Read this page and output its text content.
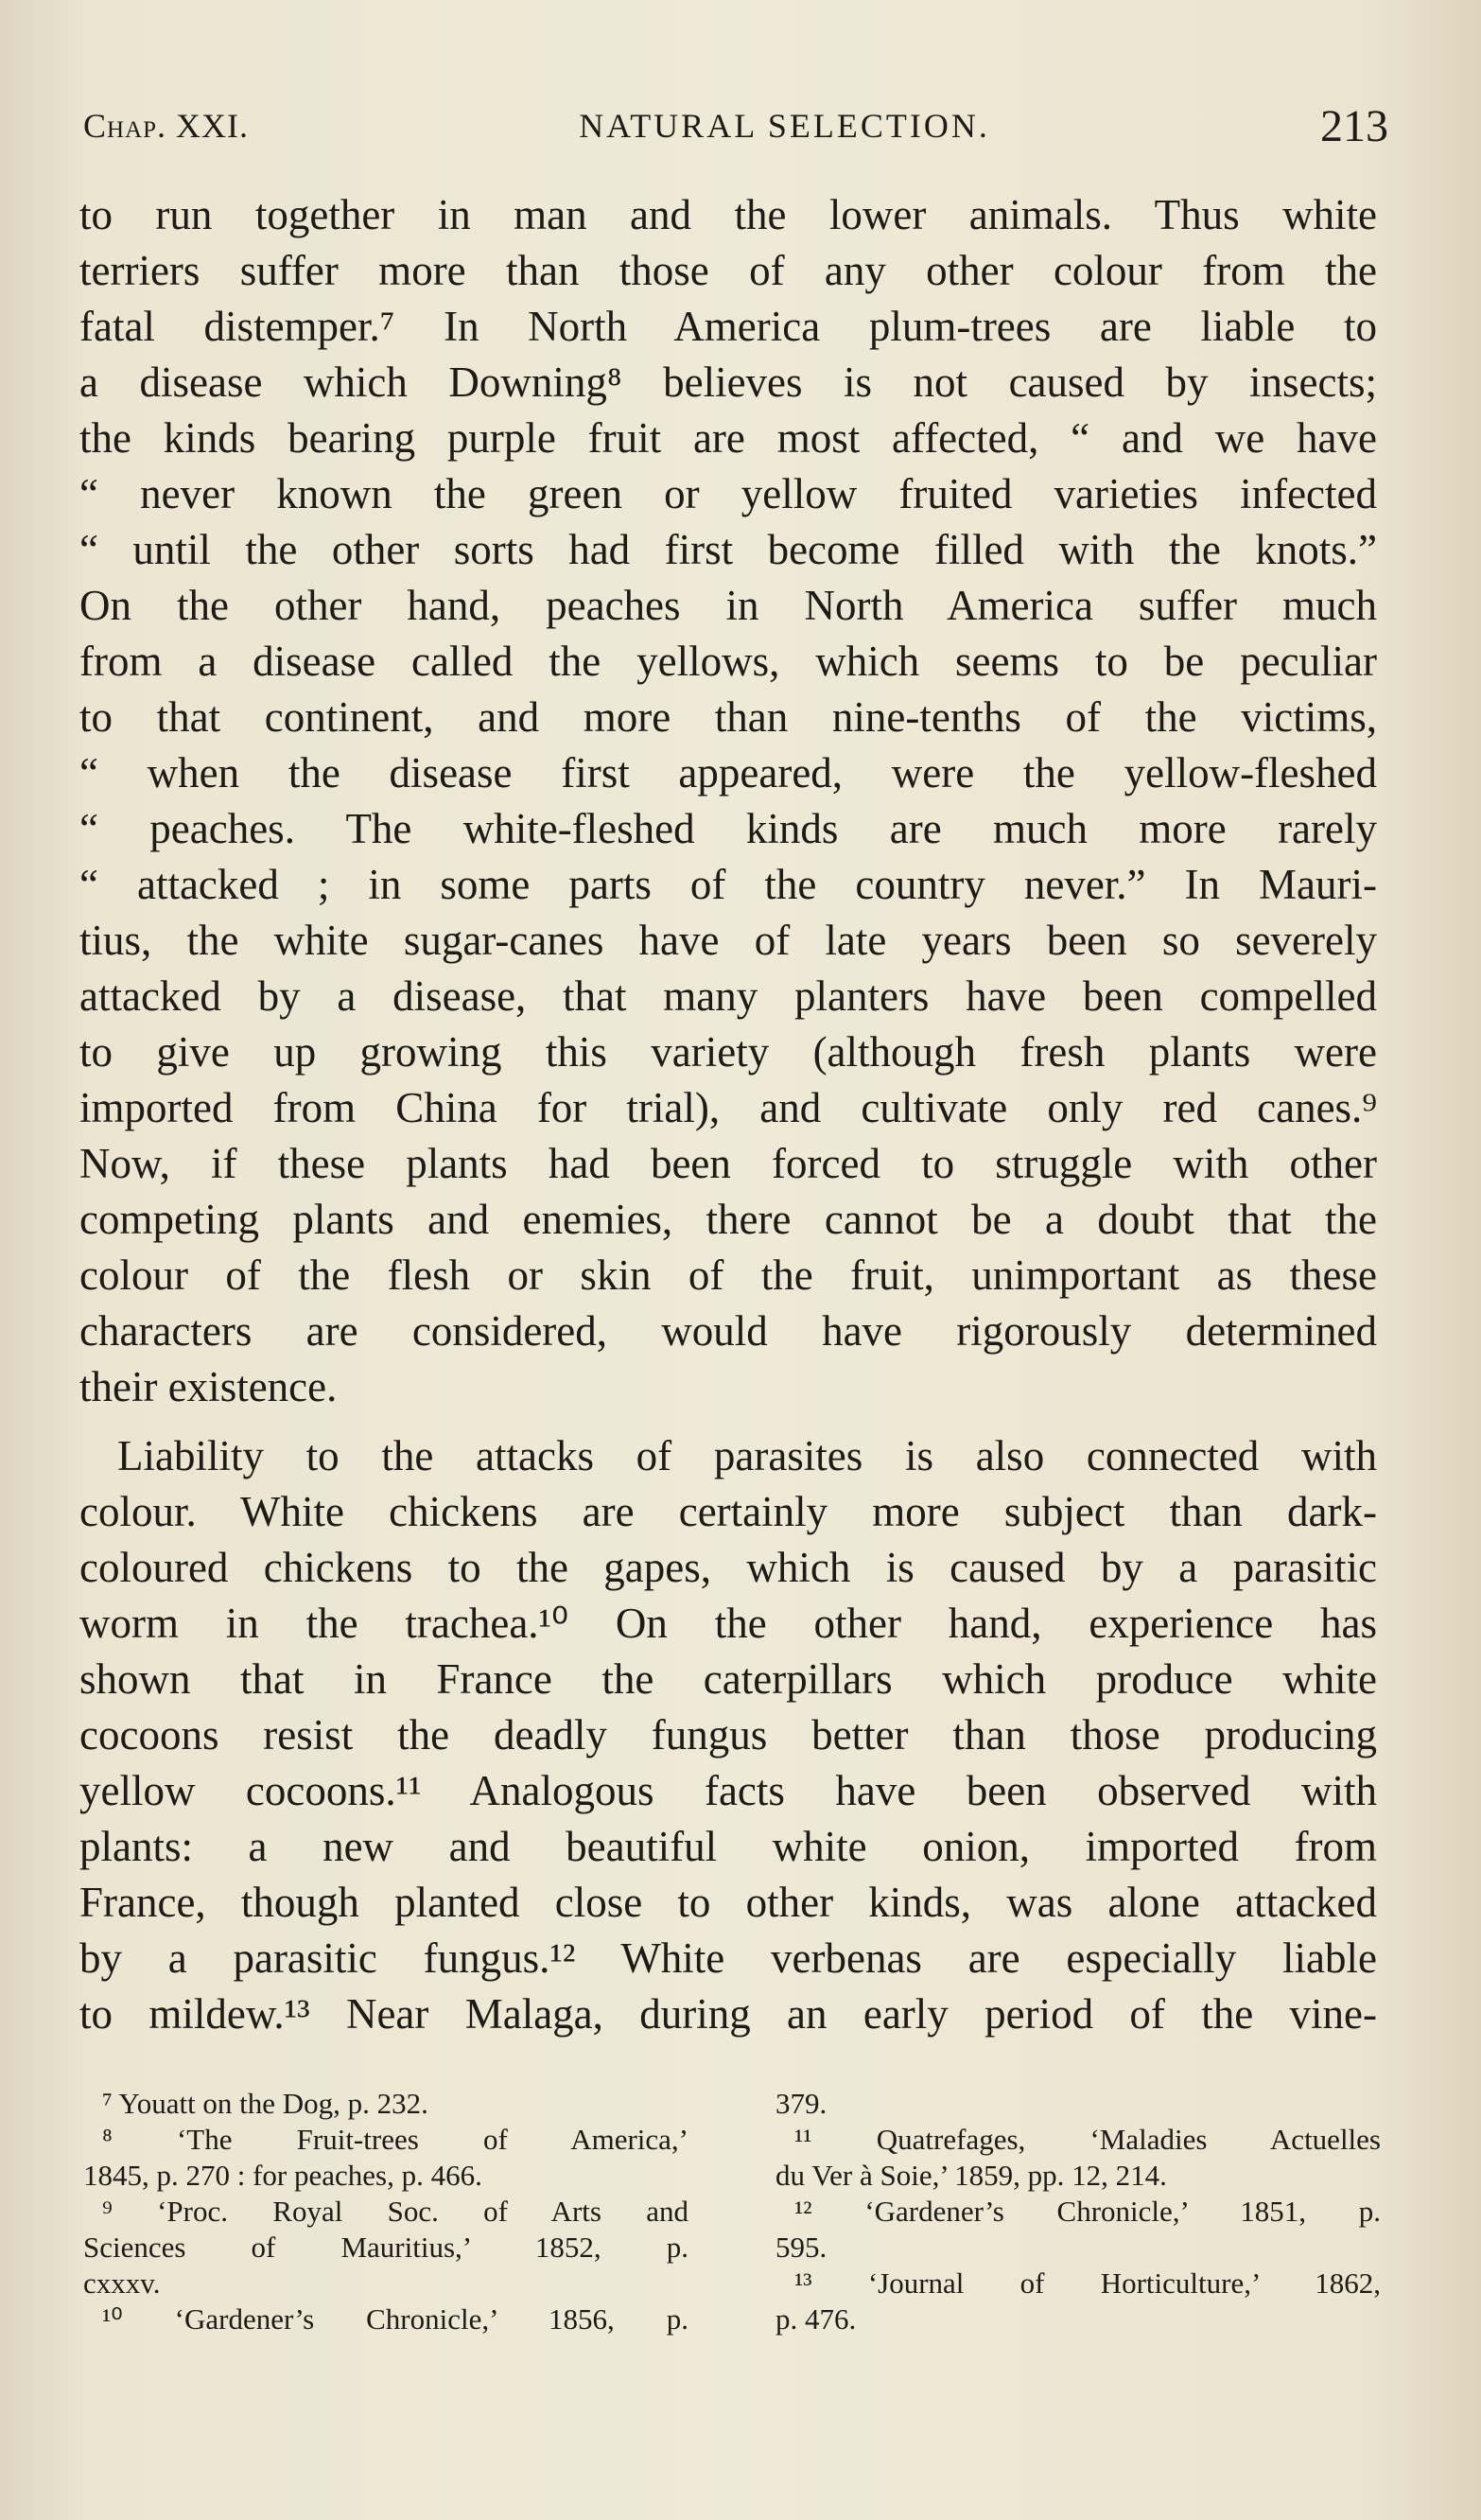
Chap. XXI.	NATURAL SELECTION.	213
to run together in man and the lower animals. Thus white
terriers suffer more than those of any other colour from the
fatal distemper.⁷ In North America plum-trees are liable to
a disease which Downing⁸ believes is not caused by insects;
the kinds bearing purple fruit are most affected, “ and we have
“ never known the green or yellow fruited varieties infected
“ until the other sorts had first become filled with the knots.”
On the other hand, peaches in North America suffer much
from a disease called the yellows, which seems to be peculiar
to that continent, and more than nine-tenths of the victims,
“ when the disease first appeared, were the yellow-fleshed
“ peaches. The white-fleshed kinds are much more rarely
“ attacked ; in some parts of the country never.” In Mauri-
tius, the white sugar-canes have of late years been so severely
attacked by a disease, that many planters have been compelled
to give up growing this variety (although fresh plants were
imported from China for trial), and cultivate only red canes.⁹
Now, if these plants had been forced to struggle with other
competing plants and enemies, there cannot be a doubt that the
colour of the flesh or skin of the fruit, unimportant as these
characters are considered, would have rigorously determined
their existence.
Liability to the attacks of parasites is also connected with
colour. White chickens are certainly more subject than dark-
coloured chickens to the gapes, which is caused by a parasitic
worm in the trachea.¹⁰ On the other hand, experience has
shown that in France the caterpillars which produce white
cocoons resist the deadly fungus better than those producing
yellow cocoons.¹¹ Analogous facts have been observed with
plants: a new and beautiful white onion, imported from
France, though planted close to other kinds, was alone attacked
by a parasitic fungus.¹² White verbenas are especially liable
to mildew.¹³ Near Malaga, during an early period of the vine-
⁷ Youatt on the Dog, p. 232.
⁸ ‘The Fruit-trees of America,’
1845, p. 270 : for peaches, p. 466.
⁹ ‘Proc. Royal Soc. of Arts and
Sciences of Mauritius,’ 1852, p.
cxxxv.
¹⁰ ‘Gardener’s Chronicle,’ 1856, p.
379.
¹¹ Quatrefages, ‘Maladies Actuelles
du Ver à Soie,’ 1859, pp. 12, 214.
¹² ‘Gardener’s Chronicle,’ 1851, p.
595.
¹³ ‘Journal of Horticulture,’ 1862,
p. 476.
